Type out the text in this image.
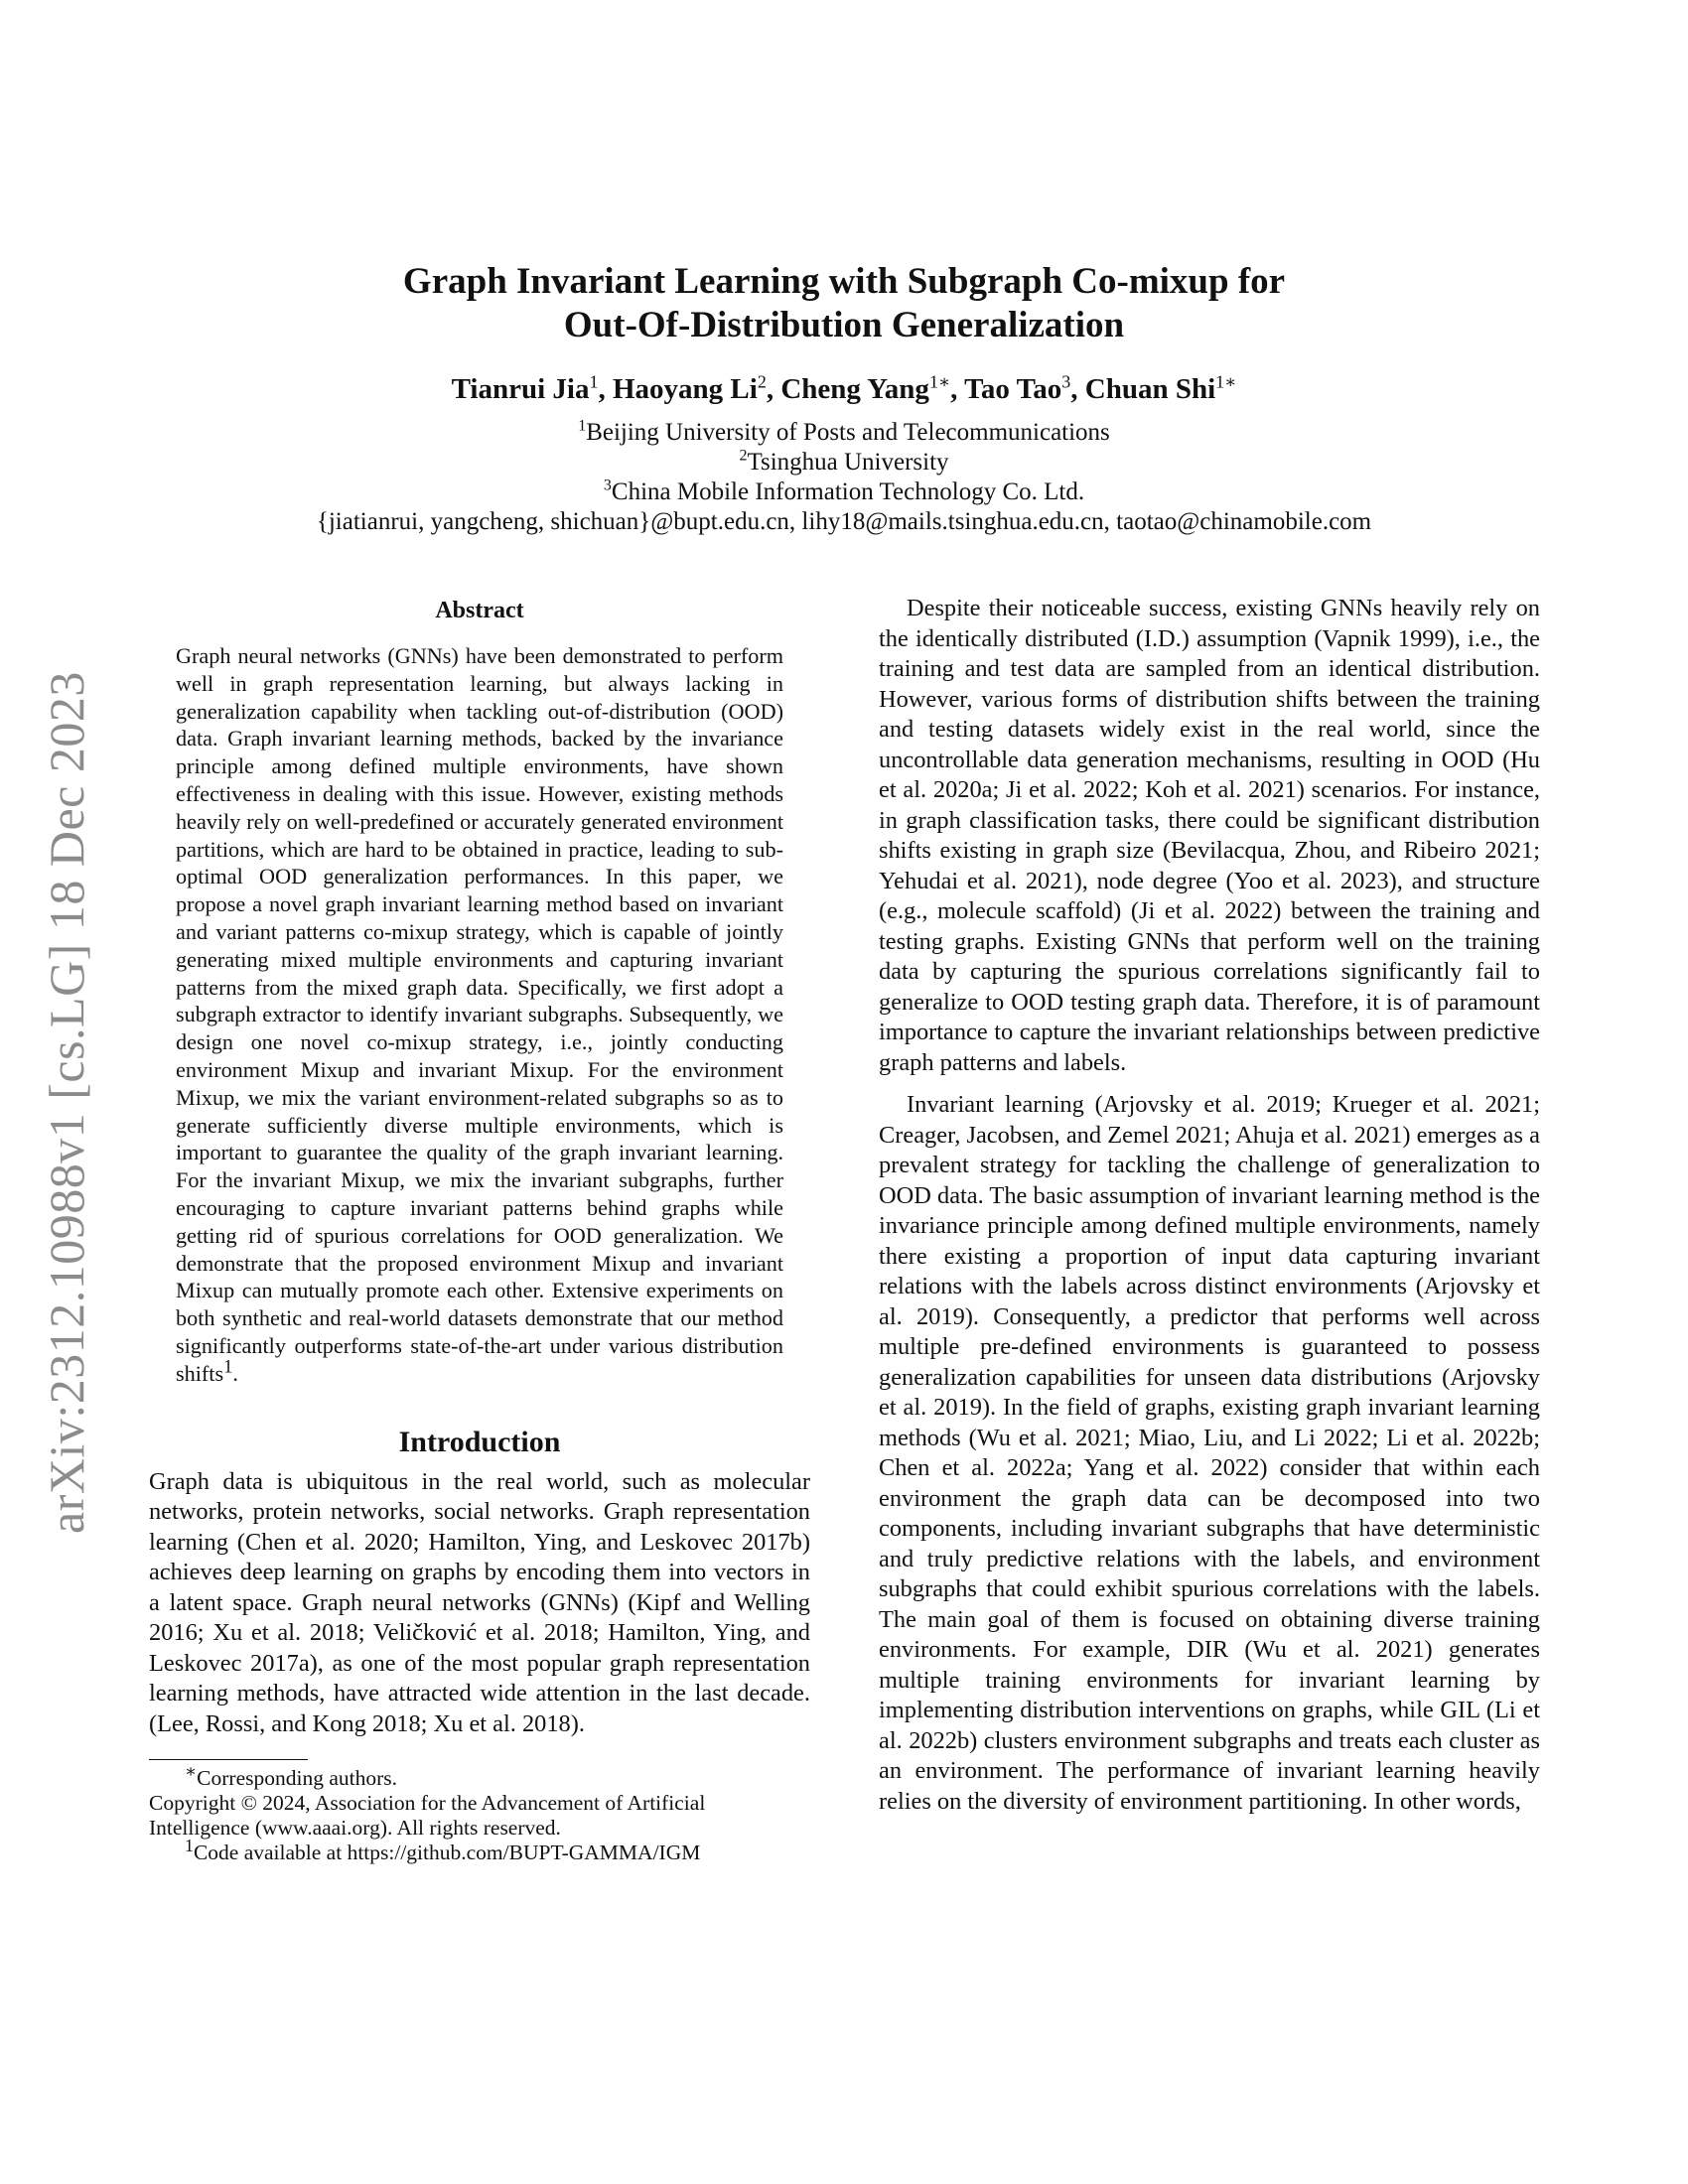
arXiv:2312.10988v1 [cs.LG] 18 Dec 2023
Graph Invariant Learning with Subgraph Co-mixup for
Out-Of-Distribution Generalization
Tianrui Jia$^1$, Haoyang Li$^2$, Cheng Yang$^{1∗}$, Tao Tao$^3$, Chuan Shi$^{1∗}$
$^1$Beijing University of Posts and Telecommunications
$^2$Tsinghua University
$^3$China Mobile Information Technology Co. Ltd.
{jiatianrui, yangcheng, shichuan}@bupt.edu.cn, lihy18@mails.tsinghua.edu.cn, taotao@chinamobile.com
Abstract

Graph neural networks (GNNs) have been demonstrated to perform well in graph representation learning, but always lacking in generalization capability when tackling out-of-distribution (OOD) data. Graph invariant learning methods, backed by the invariance principle among defined multiple environments, have shown effectiveness in dealing with this issue. However, existing methods heavily rely on well-predefined or accurately generated environment partitions, which are hard to be obtained in practice, leading to sub-optimal OOD generalization performances. In this paper, we propose a novel graph invariant learning method based on invariant and variant patterns co-mixup strategy, which is capable of jointly generating mixed multiple environments and capturing invariant patterns from the mixed graph data. Specifically, we first adopt a subgraph extractor to identify invariant subgraphs. Subsequently, we design one novel co-mixup strategy, i.e., jointly conducting environment Mixup and invariant Mixup. For the environment Mixup, we mix the variant environment-related subgraphs so as to generate sufficiently diverse multiple environments, which is important to guarantee the quality of the graph invariant learning. For the invariant Mixup, we mix the invariant subgraphs, further encouraging to capture invariant patterns behind graphs while getting rid of spurious correlations for OOD generalization. We demonstrate that the proposed environment Mixup and invariant Mixup can mutually promote each other. Extensive experiments on both synthetic and real-world datasets demonstrate that our method significantly outperforms state-of-the-art under various distribution shifts$^1$.

Introduction

Graph data is ubiquitous in the real world, such as molecular networks, protein networks, social networks. Graph representation learning (Chen et al. 2020; Hamilton, Ying, and Leskovec 2017b) achieves deep learning on graphs by encoding them into vectors in a latent space. Graph neural networks (GNNs) (Kipf and Welling 2016; Xu et al. 2018; Veličković et al. 2018; Hamilton, Ying, and Leskovec 2017a), as one of the most popular graph representation learning methods, have attracted wide attention in the last decade. (Lee, Rossi, and Kong 2018; Xu et al. 2018).

∗Corresponding authors.

Copyright © 2024, Association for the Advancement of Artificial Intelligence (www.aaai.org). All rights reserved.

$^1$Code available at https://github.com/BUPT-GAMMA/IGM

Despite their noticeable success, existing GNNs heavily rely on the identically distributed (I.D.) assumption (Vapnik 1999), i.e., the training and test data are sampled from an identical distribution. However, various forms of distribution shifts between the training and testing datasets widely exist in the real world, since the uncontrollable data generation mechanisms, resulting in OOD (Hu et al. 2020a; Ji et al. 2022; Koh et al. 2021) scenarios. For instance, in graph classification tasks, there could be significant distribution shifts existing in graph size (Bevilacqua, Zhou, and Ribeiro 2021; Yehudai et al. 2021), node degree (Yoo et al. 2023), and structure (e.g., molecule scaffold) (Ji et al. 2022) between the training and testing graphs. Existing GNNs that perform well on the training data by capturing the spurious correlations significantly fail to generalize to OOD testing graph data. Therefore, it is of paramount importance to capture the invariant relationships between predictive graph patterns and labels.

Invariant learning (Arjovsky et al. 2019; Krueger et al. 2021; Creager, Jacobsen, and Zemel 2021; Ahuja et al. 2021) emerges as a prevalent strategy for tackling the challenge of generalization to OOD data. The basic assumption of invariant learning method is the invariance principle among defined multiple environments, namely there existing a proportion of input data capturing invariant relations with the labels across distinct environments (Arjovsky et al. 2019). Consequently, a predictor that performs well across multiple pre-defined environments is guaranteed to possess generalization capabilities for unseen data distributions (Arjovsky et al. 2019). In the field of graphs, existing graph invariant learning methods (Wu et al. 2021; Miao, Liu, and Li 2022; Li et al. 2022b; Chen et al. 2022a; Yang et al. 2022) consider that within each environment the graph data can be decomposed into two components, including invariant subgraphs that have deterministic and truly predictive relations with the labels, and environment subgraphs that could exhibit spurious correlations with the labels. The main goal of them is focused on obtaining diverse training environments. For example, DIR (Wu et al. 2021) generates multiple training environments for invariant learning by implementing distribution interventions on graphs, while GIL (Li et al. 2022b) clusters environment subgraphs and treats each cluster as an environment. The performance of invariant learning heavily relies on the diversity of environment partitioning. In other words,
